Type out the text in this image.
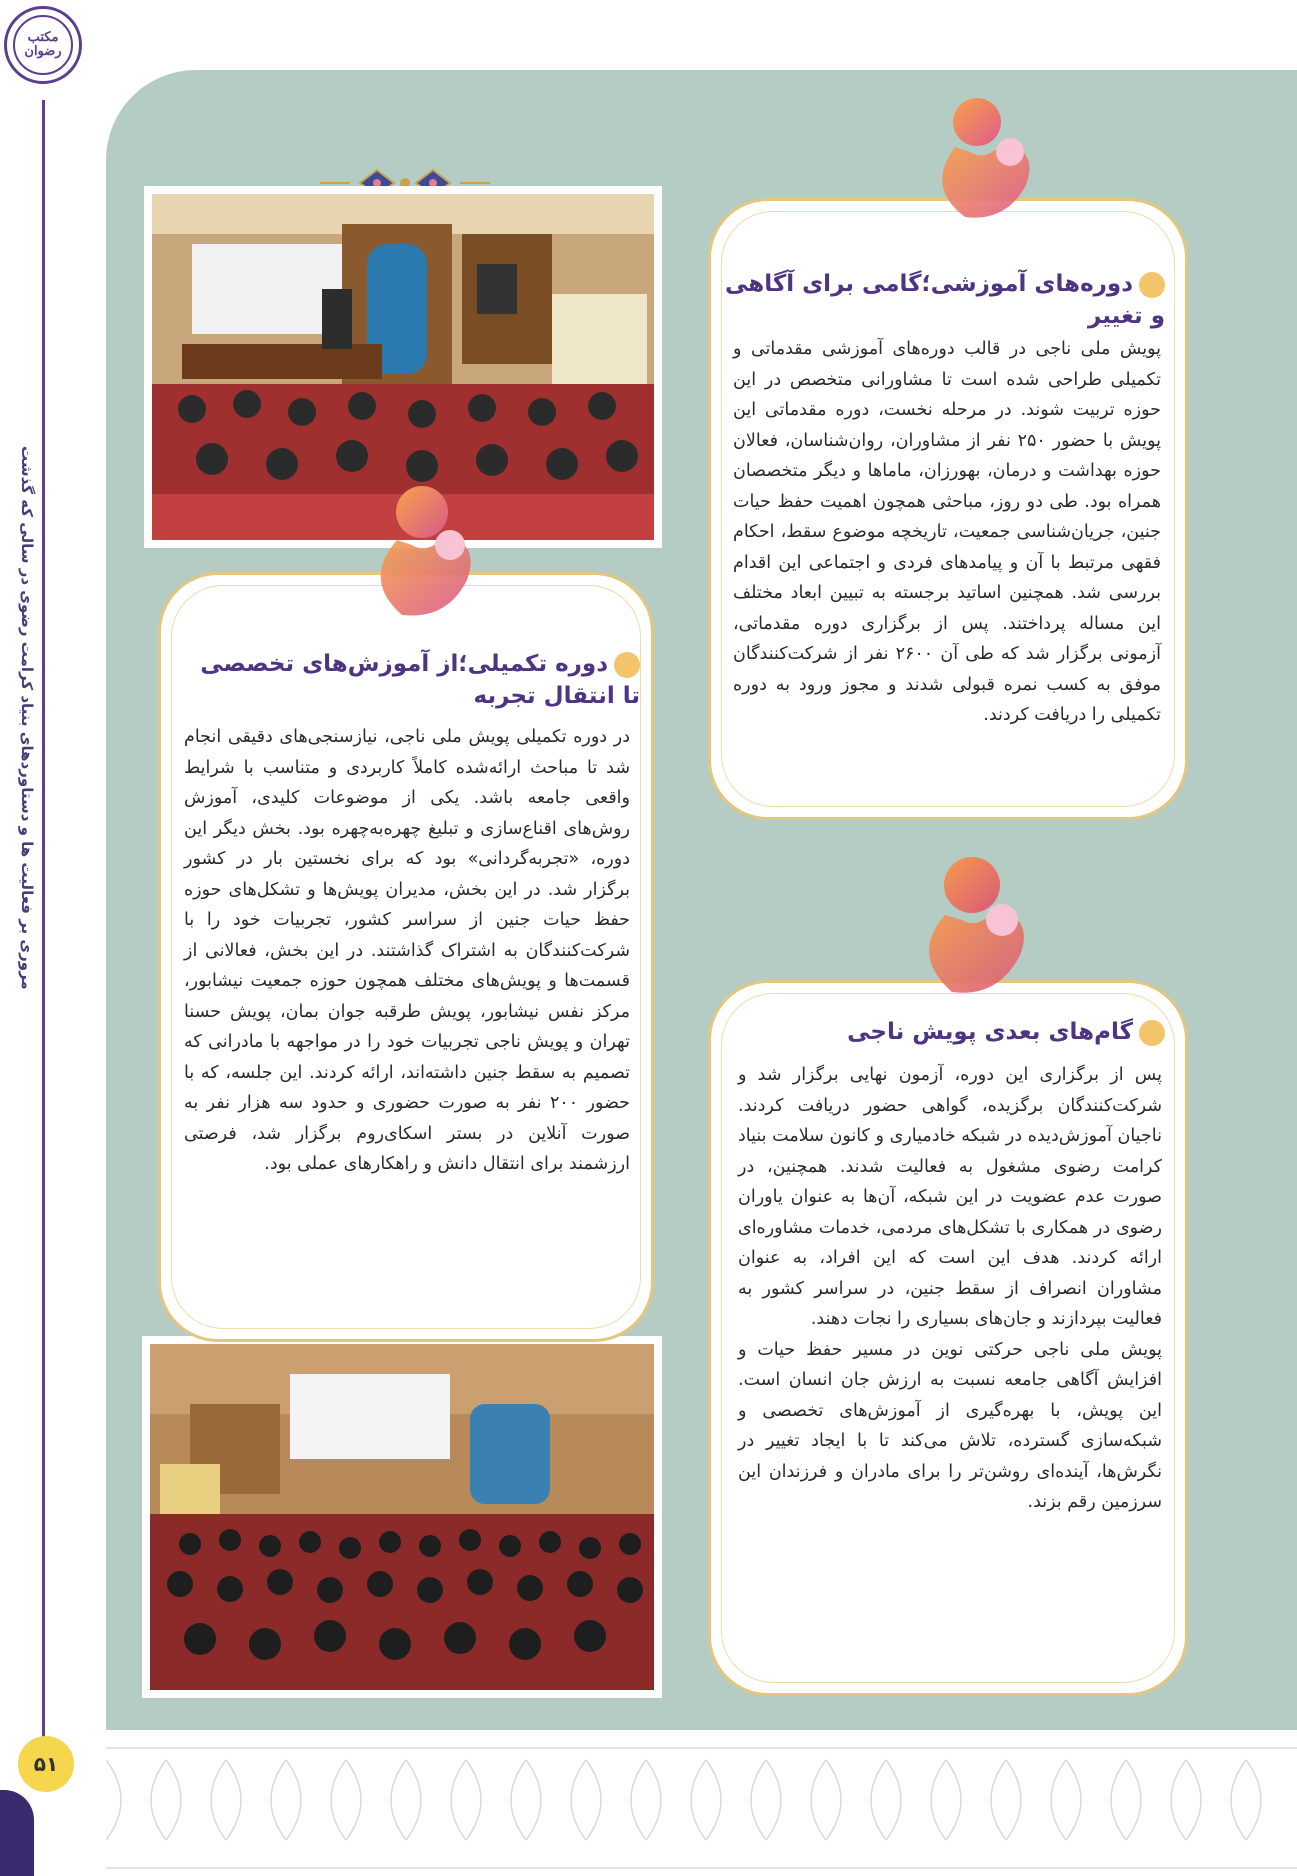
مکتب رضوان
مروری بر فعالیت ها و دستاوردهای بنیاد کرامت رضوی در سالی که گذشت
۵۱
دوره‌های آموزشی؛گامی برای آگاهی
و تغییر

پویش ملی ناجی در قالب دوره‌های آموزشی مقدماتی و تکمیلی طراحی شده است تا مشاورانی متخصص در این حوزه تربیت شوند. در مرحله نخست، دوره مقدماتی این پویش با حضور ۲۵۰ نفر از مشاوران، روان‌شناسان، فعالان حوزه بهداشت و درمان، بهورزان، ماماها و دیگر متخصصان همراه بود. طی دو روز، مباحثی همچون اهمیت حفظ حیات جنین، جریان‌شناسی جمعیت، تاریخچه موضوع سقط، احکام فقهی مرتبط با آن و پیامدهای فردی و اجتماعی این اقدام بررسی شد. همچنین اساتید برجسته به تبیین ابعاد مختلف این مساله پرداختند. پس از برگزاری دوره مقدماتی، آزمونی برگزار شد که طی آن ۲۶۰۰ نفر از شرکت‌کنندگان موفق به کسب نمره قبولی شدند و مجوز ورود به دوره تکمیلی را دریافت کردند.

دوره تکمیلی؛از آموزش‌های تخصصی
تا انتقال تجربه

در دوره تکمیلی پویش ملی ناجی، نیازسنجی‌های دقیقی انجام شد تا مباحث ارائه‌شده کاملاً کاربردی و متناسب با شرایط واقعی جامعه باشد. یکی از موضوعات کلیدی، آموزش روش‌های اقناع‌سازی و تبلیغ چهره‌به‌چهره بود. بخش دیگر این دوره، «تجربه‌گردانی» بود که برای نخستین بار در کشور برگزار شد. در این بخش، مدیران پویش‌ها و تشکل‌های حوزه حفظ حیات جنین از سراسر کشور، تجربیات خود را با شرکت‌کنندگان به اشتراک گذاشتند. در این بخش، فعالانی از قسمت‌ها و پویش‌های مختلف همچون حوزه جمعیت نیشابور، مرکز نفس نیشابور، پویش طرقبه جوان بمان، پویش حسنا تهران و پویش ناجی تجربیات خود را در مواجهه با مادرانی که تصمیم به سقط جنین داشته‌اند، ارائه کردند. این جلسه، که با حضور ۲۰۰ نفر به صورت حضوری و حدود سه هزار نفر به صورت آنلاین در بستر اسکای‌روم برگزار شد، فرصتی ارزشمند برای انتقال دانش و راهکارهای عملی بود.

گام‌های بعدی پویش ناجی

پس از برگزاری این دوره، آزمون نهایی برگزار شد و شرکت‌کنندگان برگزیده، گواهی حضور دریافت کردند. ناجیان آموزش‌دیده در شبکه خادمیاری و کانون سلامت بنیاد کرامت رضوی مشغول به فعالیت شدند. همچنین، در صورت عدم عضویت در این شبکه، آن‌ها به عنوان یاوران رضوی در همکاری با تشکل‌های مردمی، خدمات مشاوره‌ای ارائه کردند. هدف این است که این افراد، به عنوان مشاوران انصراف از سقط جنین، در سراسر کشور به فعالیت بپردازند و جان‌های بسیاری را نجات دهند.

پویش ملی ناجی حرکتی نوین در مسیر حفظ حیات و افزایش آگاهی جامعه نسبت به ارزش جان انسان است. این پویش، با بهره‌گیری از آموزش‌های تخصصی و شبکه‌سازی گسترده، تلاش می‌کند تا با ایجاد تغییر در نگرش‌ها، آینده‌ای روشن‌تر را برای مادران و فرزندان این سرزمین رقم بزند.
